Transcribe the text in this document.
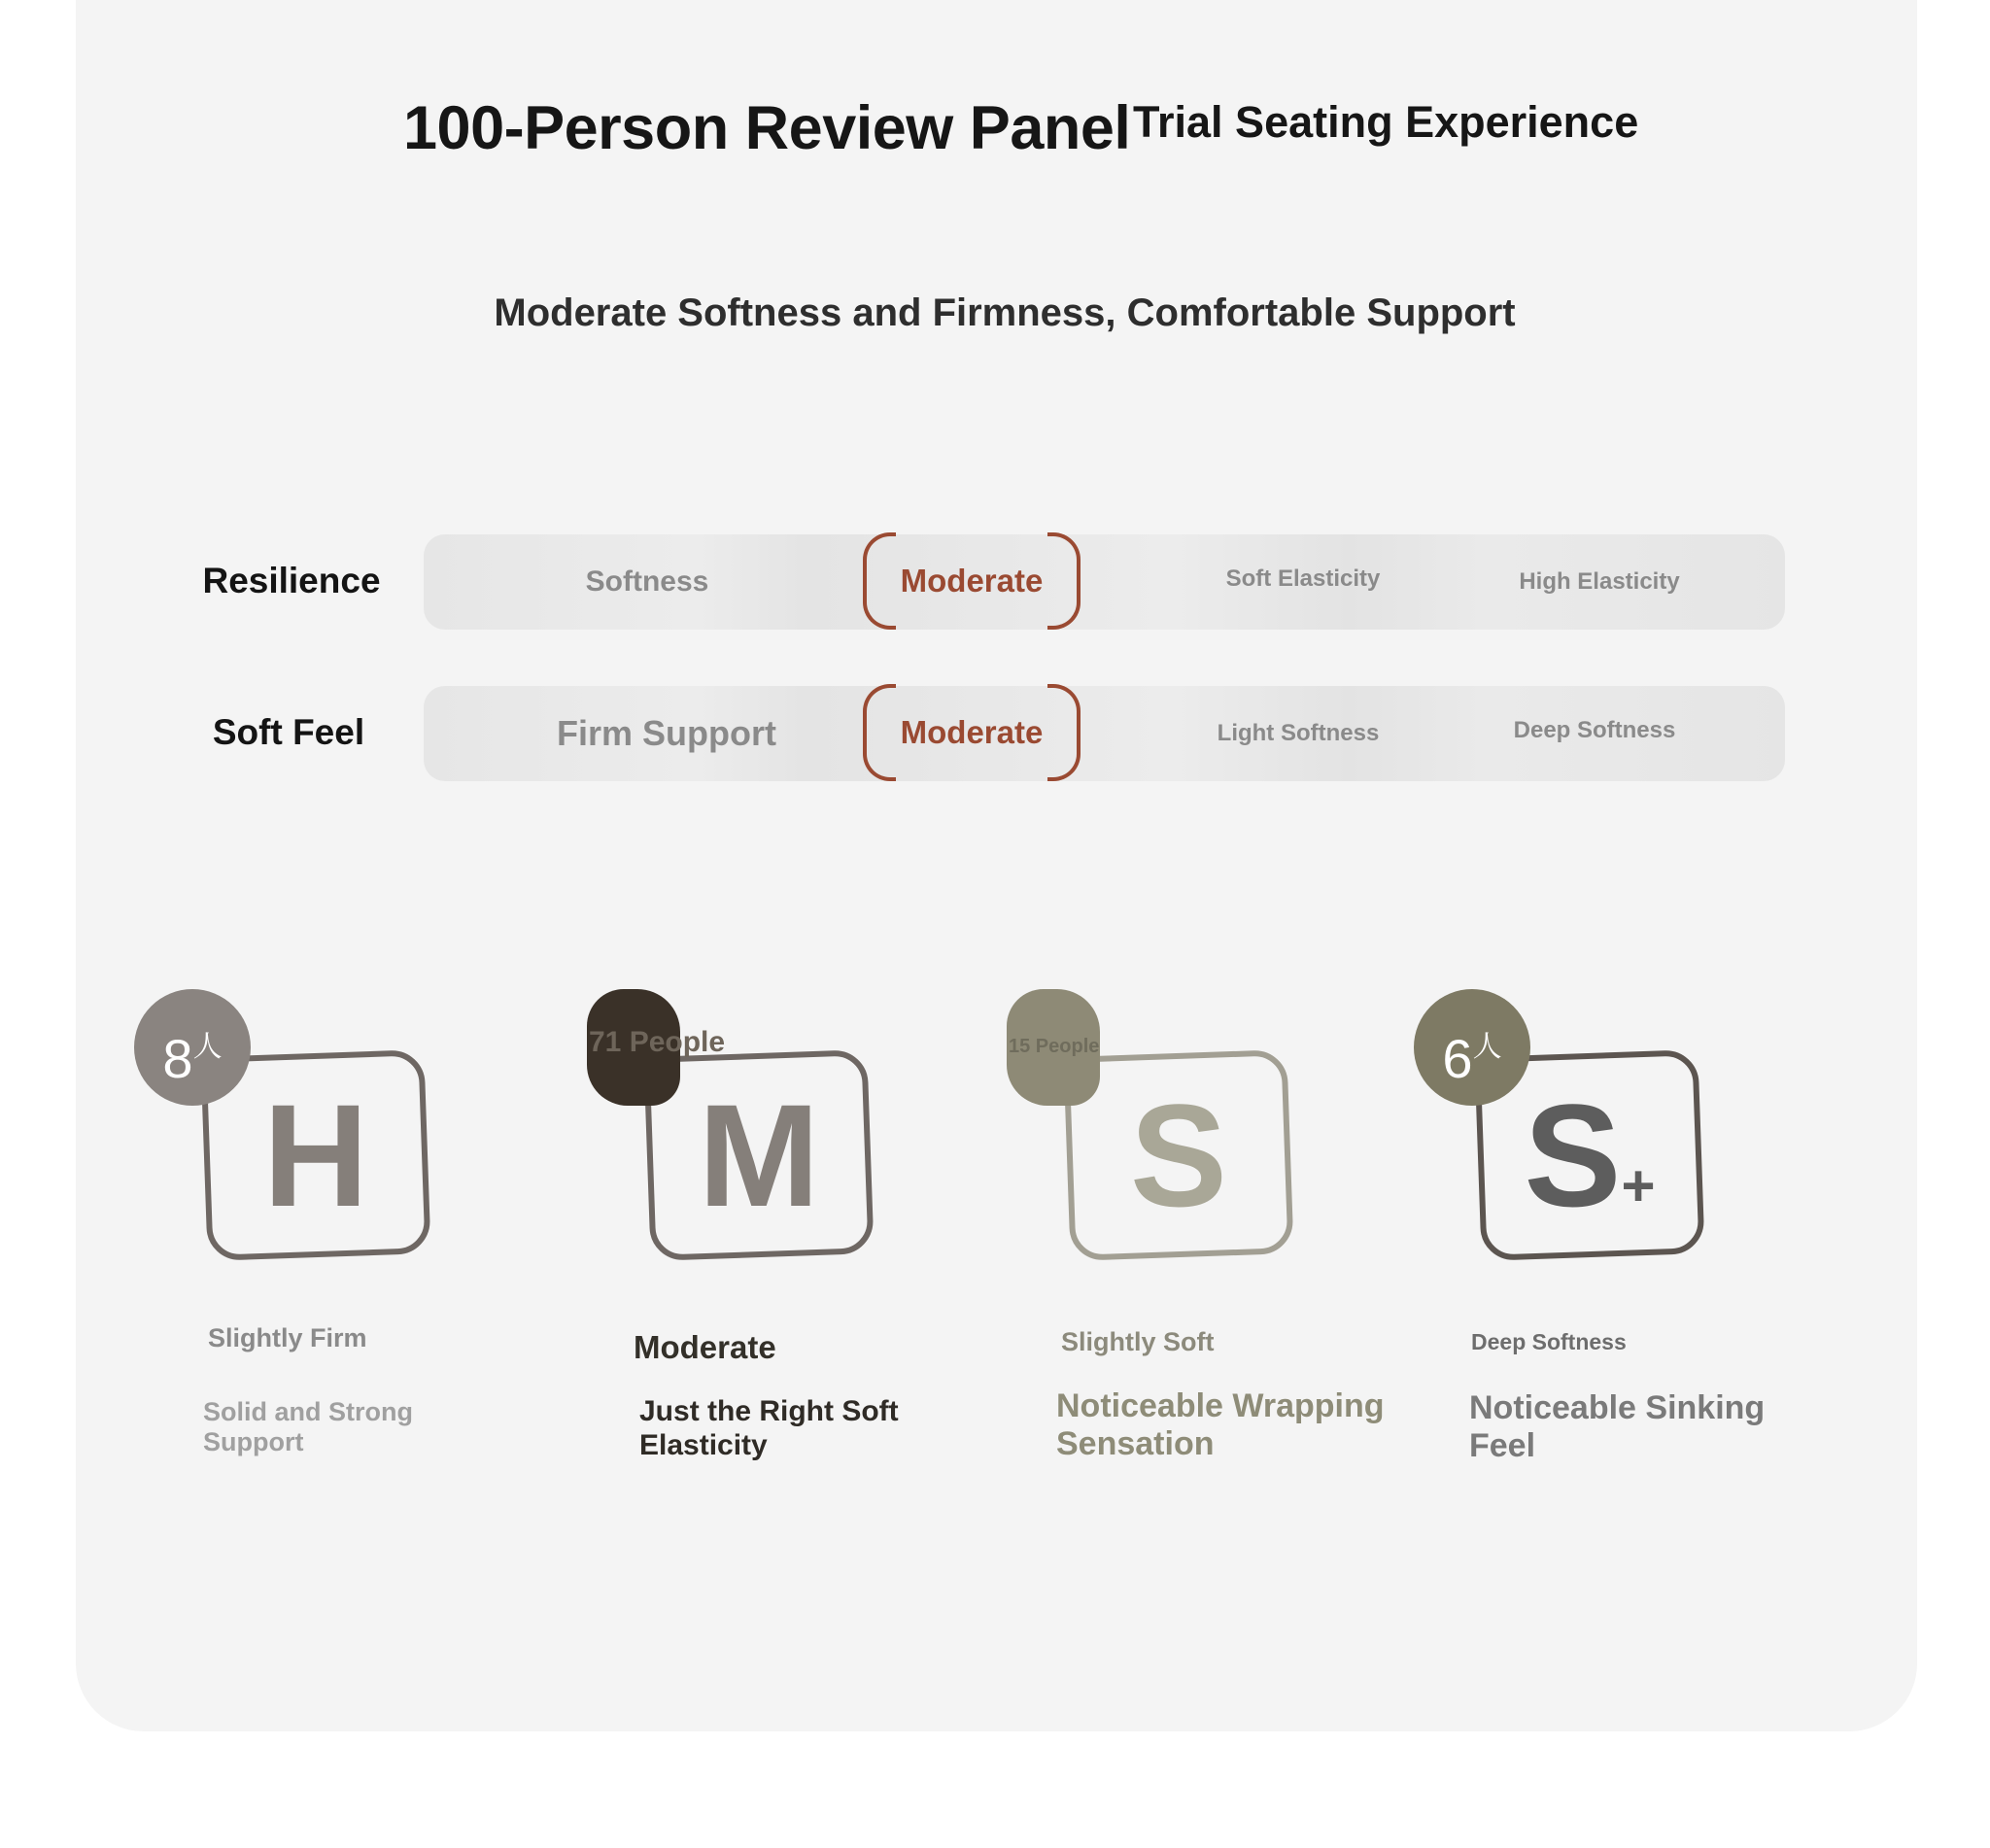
100-Person Review Panel Trial Seating Experience
Moderate Softness and Firmness, Comfortable Support
Resilience	Softness	Moderate	Soft Elasticity	High Elasticity
Soft Feel	Firm Support	Moderate	Light Softness	Deep Softness
H
$8^人$
Slightly Firm
Solid and Strong Support
M
71 People
Moderate
Just the Right Soft Elasticity
S
15 People
Slightly Soft
Noticeable Wrapping Sensation
S+
$6^人$
Deep Softness
Noticeable Sinking Feel
